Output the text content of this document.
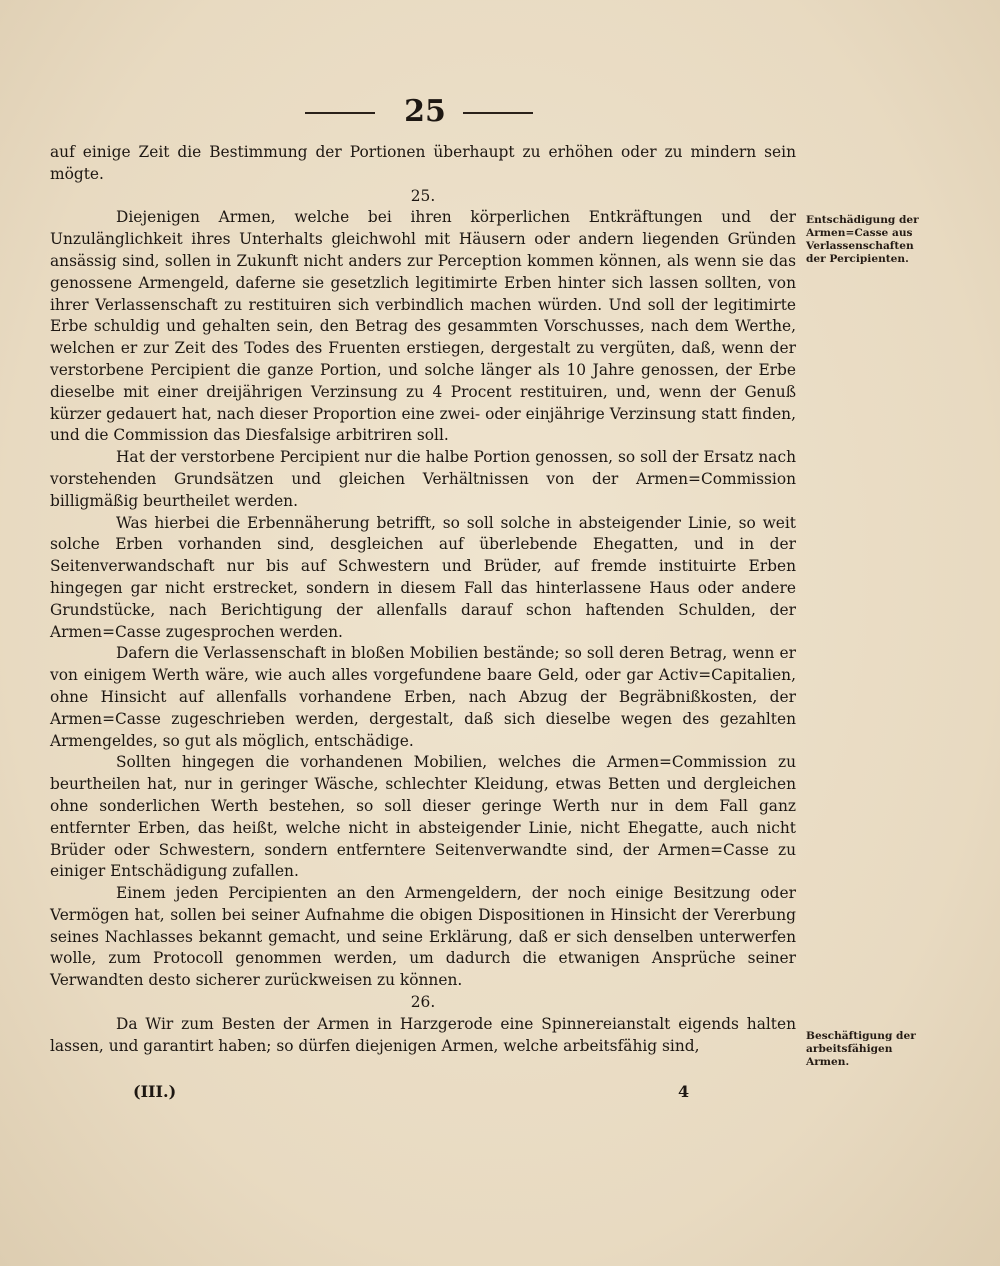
25

auf einige Zeit die Bestimmung der Portionen überhaupt zu erhöhen oder zu mindern sein mögte.

25.

Diejenigen Armen, welche bei ihren körperlichen Entkräftungen und der Unzulänglichkeit ihres Unterhalts gleichwohl mit Häusern oder andern liegenden Gründen ansässig sind, sollen in Zukunft nicht anders zur Perception kommen können, als wenn sie das genossene Armengeld, daferne sie gesetzlich legitimirte Erben hinter sich lassen sollten, von ihrer Verlassenschaft zu restituiren sich verbindlich machen würden. Und soll der legitimirte Erbe schuldig und gehalten sein, den Betrag des gesammten Vorschusses, nach dem Werthe, welchen er zur Zeit des Todes des Fruenten erstiegen, dergestalt zu vergüten, daß, wenn der verstorbene Percipient die ganze Portion, und solche länger als 10 Jahre genossen, der Erbe dieselbe mit einer dreijährigen Verzinsung zu 4 Procent restituiren, und, wenn der Genuß kürzer gedauert hat, nach dieser Proportion eine zwei- oder einjährige Verzinsung statt finden, und die Commission das Diesfalsige arbitriren soll.

Hat der verstorbene Percipient nur die halbe Portion genossen, so soll der Ersatz nach vorstehenden Grundsätzen und gleichen Verhältnissen von der Armen=Commission billigmäßig beurtheilet werden.

Was hierbei die Erbennäherung betrifft, so soll solche in absteigender Linie, so weit solche Erben vorhanden sind, desgleichen auf überlebende Ehegatten, und in der Seitenverwandschaft nur bis auf Schwestern und Brüder, auf fremde instituirte Erben hingegen gar nicht erstrecket, sondern in diesem Fall das hinterlassene Haus oder andere Grundstücke, nach Berichtigung der allenfalls darauf schon haftenden Schulden, der Armen=Casse zugesprochen werden.

Dafern die Verlassenschaft in bloßen Mobilien bestände; so soll deren Betrag, wenn er von einigem Werth wäre, wie auch alles vorgefundene baare Geld, oder gar Activ=Capitalien, ohne Hinsicht auf allenfalls vorhandene Erben, nach Abzug der Begräbnißkosten, der Armen=Casse zugeschrieben werden, dergestalt, daß sich dieselbe wegen des gezahlten Armengeldes, so gut als möglich, entschädige.

Sollten hingegen die vorhandenen Mobilien, welches die Armen=Commission zu beurtheilen hat, nur in geringer Wäsche, schlechter Kleidung, etwas Betten und dergleichen ohne sonderlichen Werth bestehen, so soll dieser geringe Werth nur in dem Fall ganz entfernter Erben, das heißt, welche nicht in absteigender Linie, nicht Ehegatte, auch nicht Brüder oder Schwestern, sondern entferntere Seitenverwandte sind, der Armen=Casse zu einiger Entschädigung zufallen.

Einem jeden Percipienten an den Armengeldern, der noch einige Besitzung oder Vermögen hat, sollen bei seiner Aufnahme die obigen Dispositionen in Hinsicht der Vererbung seines Nachlasses bekannt gemacht, und seine Erklärung, daß er sich denselben unterwerfen wolle, zum Protocoll genommen werden, um dadurch die etwanigen Ansprüche seiner Verwandten desto sicherer zurückweisen zu können.

26.

Da Wir zum Besten der Armen in Harzgerode eine Spinnereianstalt eigends halten lassen, und garantirt haben; so dürfen diejenigen Armen, welche arbeitsfähig sind,

Entschädigung der Armen=Casse aus Verlassenschaften der Percipienten.
Beschäftigung der arbeitsfähigen Armen.
(III.)	4
